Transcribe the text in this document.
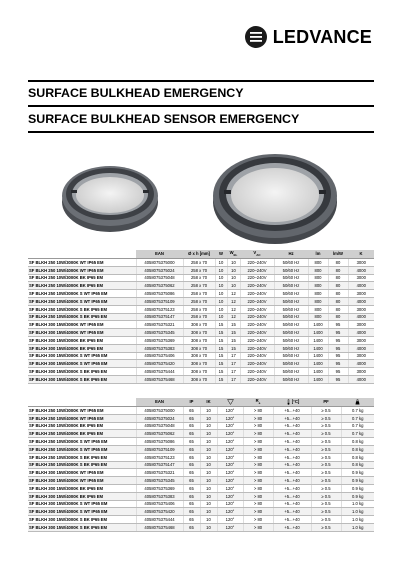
LEDVANCE
SURFACE BULKHEAD EMERGENCY
SURFACE BULKHEAD SENSOR EMERGENCY
	EAN	Ø x h [mm]	W	$W_{EL}$	$V_{AC}$	Hz	lm	lm/W	K
SF BLKH 250 10W/3000K WT IP65 EM	4058075375000	258 x 70	10	10	220–240V	50/60 Hz	800	80	3000
SF BLKH 250 10W/4000K WT IP65 EM	4058075375024	258 x 70	10	10	220–240V	50/60 Hz	800	80	4000
SF BLKH 250 10W/3000K BK IP65 EM	4058075375048	258 x 70	10	10	220–240V	50/60 Hz	800	80	3000
SF BLKH 250 10W/4000K BK IP65 EM	4058075375062	258 x 70	10	10	220–240V	50/60 Hz	800	80	4000
SF BLKH 250 10W/3000K S WT IP65 EM	4058075375086	258 x 70	10	12	220–240V	50/60 Hz	800	80	3000
SF BLKH 250 10W/4000K S WT IP65 EM	4058075375109	258 x 70	10	12	220–240V	50/60 Hz	800	80	4000
SF BLKH 250 10W/3000K S BK IP65 EM	4058075375123	258 x 70	10	12	220–240V	50/60 Hz	800	80	3000
SF BLKH 250 10W/4000K S BK IP65 EM	4058075375147	258 x 70	10	12	220–240V	50/60 Hz	800	80	4000
SF BLKH 300 15W/3000K WT IP65 EM	4058075375321	308 x 70	15	15	220–240V	50/60 Hz	1400	95	3000
SF BLKH 300 15W/4000K WT IP65 EM	4058075375345	308 x 70	15	15	220–240V	50/60 Hz	1400	95	4000
SF BLKH 300 15W/3000K BK IP65 EM	4058075375369	308 x 70	15	15	220–240V	50/60 Hz	1400	95	3000
SF BLKH 300 15W/4000K BK IP65 EM	4058075375383	308 x 70	15	15	220–240V	50/60 Hz	1400	95	4000
SF BLKH 300 15W/3000K S WT IP65 EM	4058075375406	308 x 70	15	17	220–240V	50/60 Hz	1400	95	3000
SF BLKH 300 15W/4000K S WT IP65 EM	4058075375420	308 x 70	15	17	220–240V	50/60 Hz	1400	95	4000
SF BLKH 300 15W/3000K S BK IP65 EM	4058075375444	308 x 70	15	17	220–240V	50/60 Hz	1400	95	3000
SF BLKH 300 15W/4000K S BK IP65 EM	4058075375468	308 x 70	15	17	220–240V	50/60 Hz	1400	95	4000
	EAN	IP	IK		$R_a$	[°C]	PF	
SF BLKH 250 10W/3000K WT IP65 EM	4058075375000	65	10	120°	> 80	+5...+40	≥ 0.5	0.7 kg
SF BLKH 250 10W/4000K WT IP65 EM	4058075375024	65	10	120°	> 80	+5...+40	≥ 0.5	0.7 kg
SF BLKH 250 10W/3000K BK IP65 EM	4058075375048	65	10	120°	> 80	+5...+40	≥ 0.5	0.7 kg
SF BLKH 250 10W/4000K BK IP65 EM	4058075375062	65	10	120°	> 80	+5...+40	≥ 0.5	0.7 kg
SF BLKH 250 10W/3000K S WT IP65 EM	4058075375086	65	10	120°	> 80	+5...+40	≥ 0.5	0.8 kg
SF BLKH 250 10W/4000K S WT IP65 EM	4058075375109	65	10	120°	> 80	+5...+40	≥ 0.5	0.8 kg
SF BLKH 250 10W/3000K S BK IP65 EM	4058075375123	65	10	120°	> 80	+5...+40	≥ 0.5	0.8 kg
SF BLKH 250 10W/4000K S BK IP65 EM	4058075375147	65	10	120°	> 80	+5...+40	≥ 0.5	0.8 kg
SF BLKH 300 15W/3000K WT IP65 EM	4058075375321	65	10	120°	> 80	+5...+40	≥ 0.5	0.9 kg
SF BLKH 300 15W/4000K WT IP65 EM	4058075375345	65	10	120°	> 80	+5...+40	≥ 0.5	0.9 kg
SF BLKH 300 15W/3000K BK IP65 EM	4058075375369	65	10	120°	> 80	+5...+40	≥ 0.5	0.9 kg
SF BLKH 300 15W/4000K BK IP65 EM	4058075375383	65	10	120°	> 80	+5...+40	≥ 0.5	0.9 kg
SF BLKH 300 15W/3000K S WT IP65 EM	4058075375406	65	10	120°	> 80	+5...+40	≥ 0.5	1.0 kg
SF BLKH 300 15W/4000K S WT IP65 EM	4058075375420	65	10	120°	> 80	+5...+40	≥ 0.5	1.0 kg
SF BLKH 300 15W/3000K S BK IP65 EM	4058075375444	65	10	120°	> 80	+5...+40	≥ 0.5	1.0 kg
SF BLKH 300 15W/4000K S BK IP65 EM	4058075375468	65	10	120°	> 80	+5...+40	≥ 0.5	1.0 kg
